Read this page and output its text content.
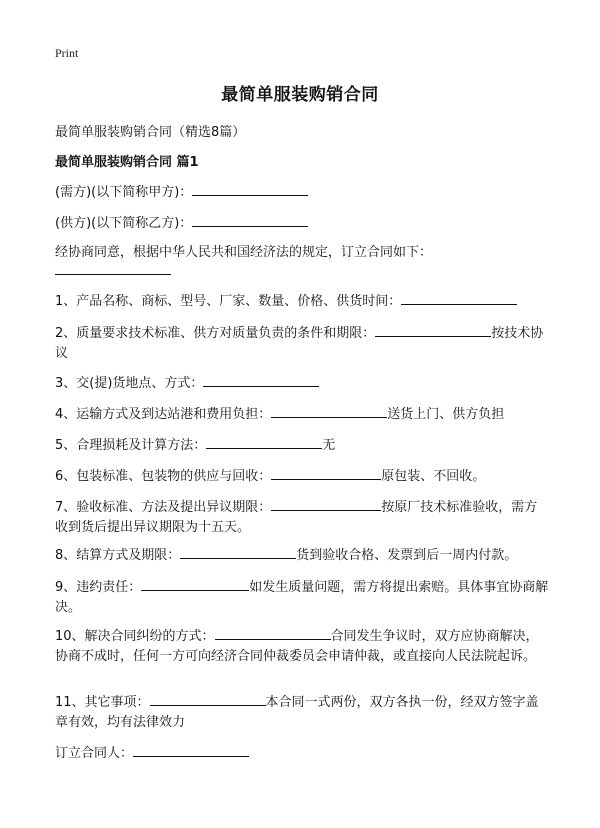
Print
最简单服装购销合同
最简单服装购销合同（精选8篇）
最简单服装购销合同 篇1
(需方)(以下简称甲方)：
(供方)(以下简称乙方)：
经协商同意，根据中华人民共和国经济法的规定，订立合同如下：
1、产品名称、商标、型号、厂家、数量、价格、供货时间：
2、质量要求技术标准、供方对质量负责的条件和期限：	按技术协议
3、交(提)货地点、方式：
4、运输方式及到达站港和费用负担：	送货上门、供方负担
5、合理损耗及计算方法：	无
6、包装标准、包装物的供应与回收：	原包装、不回收。
7、验收标准、方法及提出异议期限：	按原厂技术标准验收，需方收到货后提出异议期限为十五天。
8、结算方式及期限：	货到验收合格、发票到后一周内付款。
9、违约责任：	如发生质量问题，需方将提出索赔。具体事宜协商解决。
10、解决合同纠纷的方式：	合同发生争议时，双方应协商解决，协商不成时，任何一方可向经济合同仲裁委员会申请仲裁，或直接向人民法院起诉。
11、其它事项：	本合同一式两份，双方各执一份，经双方签字盖章有效，均有法律效力
订立合同人：
